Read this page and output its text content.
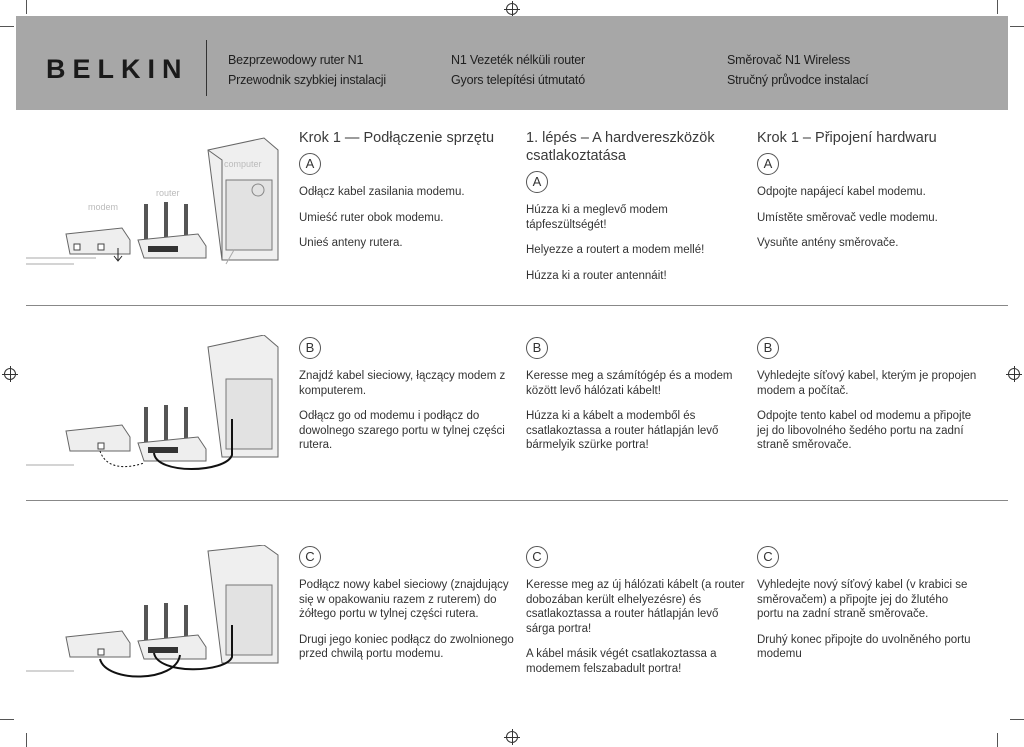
BELKIN	Bezprzewodowy ruter N1
Przewodnik szybkiej instalacji
N1 Vezeték nélküli router
Gyors telepítési útmutató
Směrovač N1 Wireless
Stručný průvodce instalací
computer
router
modem
Krok 1 — Podłączenie sprzętu
A

Odłącz kabel zasilania modemu.

Umieść ruter obok modemu.

Unieś anteny rutera.

1. lépés – A hardvereszközök csatlakoztatása
A

Húzza ki a meglevő modem tápfeszültségét!

Helyezze a routert a modem mellé!

Húzza ki a router antennáit!

Krok 1 – Připojení hardwaru
A

Odpojte napájecí kabel modemu.

Umístěte směrovač vedle modemu.

Vysuňte antény směrovače.

B

Znajdź kabel sieciowy, łączący modem z komputerem.

Odłącz go od modemu i podłącz do dowolnego szarego portu w tylnej części rutera.

B

Keresse meg a számítógép és a modem között levő hálózati kábelt!

Húzza ki a kábelt a modemből és csatlakoztassa a router hátlapján levő bármelyik szürke portra!

B

Vyhledejte síťový kabel, kterým je propojen modem a počítač.

Odpojte tento kabel od modemu a připojte jej do libovolného šedého portu na zadní straně směrovače.

C

Podłącz nowy kabel sieciowy (znajdujący się w opakowaniu razem z ruterem) do żółtego portu w tylnej części rutera.

Drugi jego koniec podłącz do zwolnionego przed chwilą portu modemu.

C

Keresse meg az új hálózati kábelt (a router dobozában került elhelyezésre) és csatlakoztassa a router hátlapján levő sárga portra!

A kábel másik végét csatlakoztassa a modemem felszabadult portra!

C

Vyhledejte nový síťový kabel (v krabici se směrovačem) a připojte jej do žlutého portu na zadní straně směrovače.

Druhý konec připojte do uvolněného portu modemu
